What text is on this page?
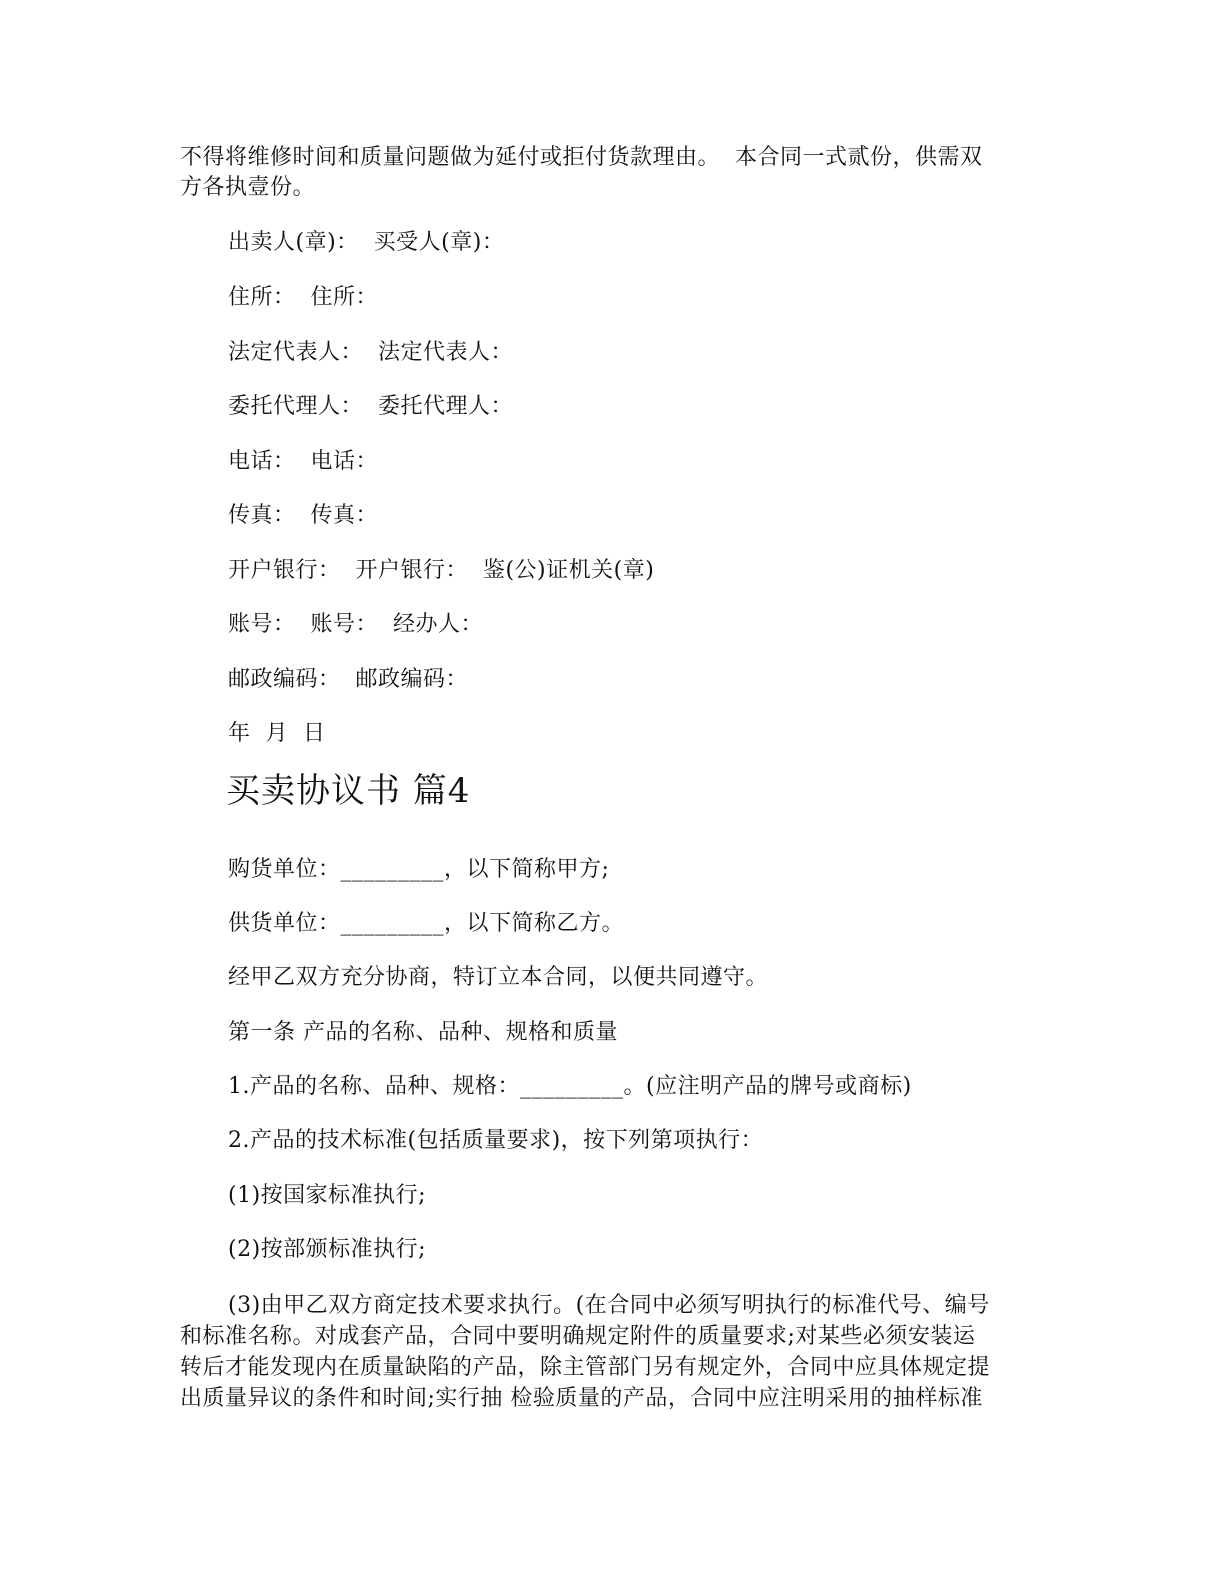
不得将维修时间和质量问题做为延付或拒付货款理由。  本合同一式贰份，供需双
方各执壹份。
出卖人(章)：  买受人(章)：
住所：  住所：
法定代表人：  法定代表人：
委托代理人：  委托代理人：
电话：  电话：
传真：  传真：
开户银行：  开户银行：  鉴(公)证机关(章)
账号：  账号：  经办人：
邮政编码：  邮政编码：
年  月  日
买卖协议书 篇4
购货单位：_________，以下简称甲方;
供货单位：_________，以下简称乙方。
经甲乙双方充分协商，特订立本合同，以便共同遵守。
第一条 产品的名称、品种、规格和质量
1.产品的名称、品种、规格：_________。(应注明产品的牌号或商标)
2.产品的技术标准(包括质量要求)，按下列第项执行：
(1)按国家标准执行;
(2)按部颁标准执行;
(3)由甲乙双方商定技术要求执行。(在合同中必须写明执行的标准代号、编号
和标准名称。对成套产品，合同中要明确规定附件的质量要求;对某些必须安装运
转后才能发现内在质量缺陷的产品，除主管部门另有规定外，合同中应具体规定提
出质量异议的条件和时间;实行抽 检验质量的产品，合同中应注明采用的抽样标准
